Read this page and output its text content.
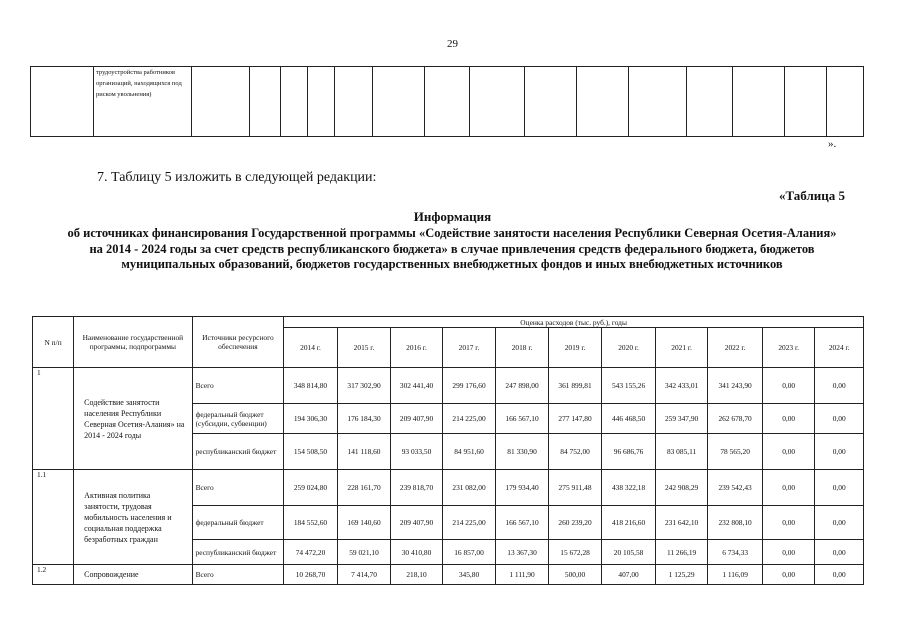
29
	трудоустройства работников организаций, находящихся под риском увольнения)															
».
7. Таблицу 5 изложить в следующей редакции:
«Таблица 5
Информация
об источниках финансирования Государственной программы «Содействие занятости населения Республики Северная Осетия-Алания» на 2014 - 2024 годы за счет средств республиканского бюджета» в случае привлечения средств федерального бюджета, бюджетов муниципальных образований, бюджетов государственных внебюджетных фондов и иных внебюджетных источников
N п/п	Наименование государственной программы, подпрограммы	Источники ресурсного обеспечения	Оценка расходов (тыс. руб.), годы										
			2014 г.	2015 г.	2016 г.	2017 г.	2018 г.	2019 г.	2020 г.	2021 г.	2022 г.	2023 г.	2024 г.
1	Содействие занятости населения Республики Северная Осетия-Алания» на 2014 - 2024 годы	Всего	348 814,80	317 302,90	302 441,40	299 176,60	247 898,00	361 899,81	543 155,26	342 433,01	341 243,90	0,00	0,00
		федеральный бюджет (субсидии, субвенции)	194 306,30	176 184,30	209 407,90	214 225,00	166 567,10	277 147,80	446 468,50	259 347,90	262 678,70	0,00	0,00
		республиканский бюджет	154 508,50	141 118,60	93 033,50	84 951,60	81 330,90	84 752,00	96 686,76	83 085,11	78 565,20	0,00	0,00
1.1	Активная политика занятости, трудовая мобильность населения и социальная поддержка безработных граждан	Всего	259 024,80	228 161,70	239 818,70	231 082,00	179 934,40	275 911,48	438 322,18	242 908,29	239 542,43	0,00	0,00
		федеральный бюджет	184 552,60	169 140,60	209 407,90	214 225,00	166 567,10	260 239,20	418 216,60	231 642,10	232 808,10	0,00	0,00
		республиканский бюджет	74 472,20	59 021,10	30 410,80	16 857,00	13 367,30	15 672,28	20 105,58	11 266,19	6 734,33	0,00	0,00
1.2	Сопровождение	Всего	10 268,70	7 414,70	218,10	345,80	1 111,90	500,00	407,00	1 125,29	1 116,09	0,00	0,00
